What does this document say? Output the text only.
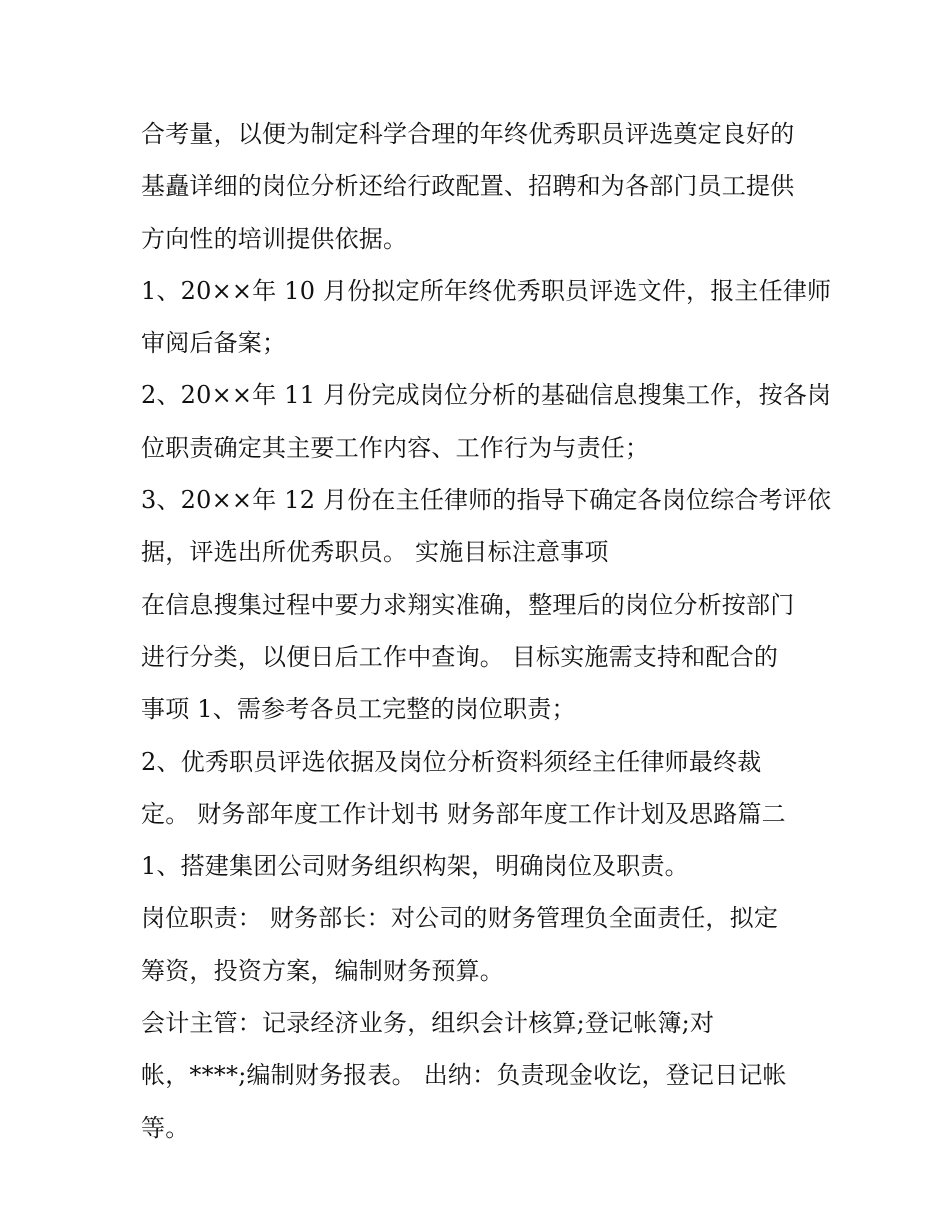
合考量，以便为制定科学合理的年终优秀职员评选奠定良好的
基矗详细的岗位分析还给行政配置、招聘和为各部门员工提供
方向性的培训提供依据。
1、20××年 10 月份拟定所年终优秀职员评选文件，报主任律师
审阅后备案；
2、20××年 11 月份完成岗位分析的基础信息搜集工作，按各岗
位职责确定其主要工作内容、工作行为与责任；
3、20××年 12 月份在主任律师的指导下确定各岗位综合考评依
据，评选出所优秀职员。 实施目标注意事项
在信息搜集过程中要力求翔实准确，整理后的岗位分析按部门
进行分类，以便日后工作中查询。 目标实施需支持和配合的
事项 1、需参考各员工完整的岗位职责；
2、优秀职员评选依据及岗位分析资料须经主任律师最终裁
定。 财务部年度工作计划书 财务部年度工作计划及思路篇二
1、搭建集团公司财务组织构架，明确岗位及职责。
岗位职责： 财务部长：对公司的财务管理负全面责任，拟定
筹资，投资方案，编制财务预算。
会计主管：记录经济业务，组织会计核算;登记帐簿;对
帐，****;编制财务报表。 出纳：负责现金收讫，登记日记帐
等。
